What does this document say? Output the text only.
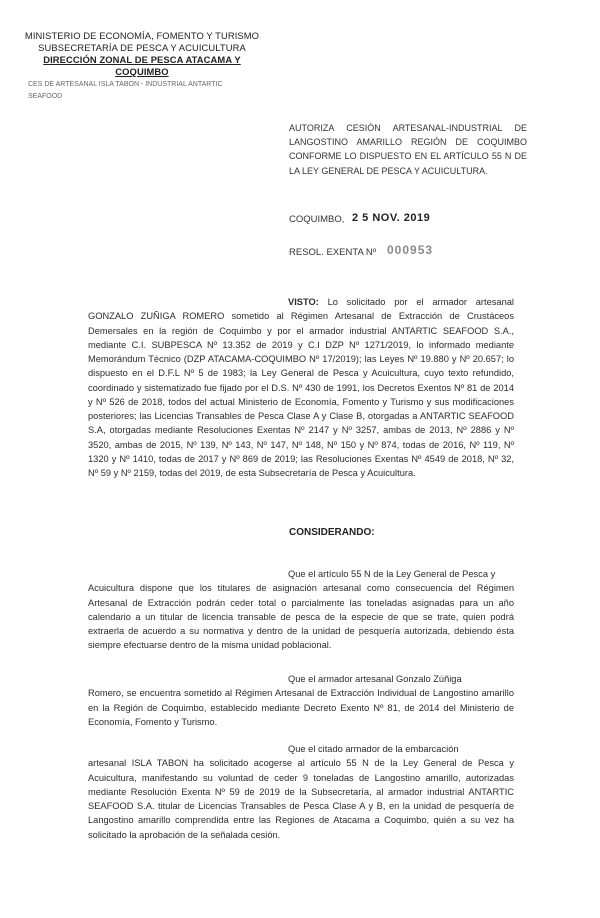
MINISTERIO DE ECONOMÍA, FOMENTO Y TURISMO
SUBSECRETARÍA DE PESCA Y ACUICULTURA
DIRECCIÓN ZONAL DE PESCA ATACAMA Y
COQUIMBO
CES DE ARTESANAL ISLA TABON - INDUSTRIAL ANTARTIC
SEAFOOD
AUTORIZA CESIÓN ARTESANAL-INDUSTRIAL DE LANGOSTINO AMARILLO REGIÓN DE COQUIMBO CONFORME LO DISPUESTO EN EL ARTÍCULO 55 N DE LA LEY GENERAL DE PESCA Y ACUICULTURA.
COQUIMBO, 2 5 NOV. 2019
RESOL. EXENTA Nº 000953
VISTO: Lo solicitado por el armador artesanal GONZALO ZUÑIGA ROMERO sometido al Régimen Artesanal de Extracción de Crustáceos Demersales en la región de Coquimbo y por el armador industrial ANTARTIC SEAFOOD S.A., mediante C.I. SUBPESCA Nº 13.352 de 2019 y C.I DZP Nº 1271/2019, lo informado mediante Memorándum Técnico (DZP ATACAMA-COQUIMBO Nº 17/2019); las Leyes Nº 19.880 y Nº 20.657; lo dispuesto en el D.F.L Nº 5 de 1983; la Ley General de Pesca y Acuicultura, cuyo texto refundido, coordinado y sistematizado fue fijado por el D.S. Nº 430 de 1991, los Decretos Exentos Nº 81 de 2014 y Nº 526 de 2018, todos del actual Ministerio de Economía, Fomento y Turismo y sus modificaciones posteriores; las Licencias Transables de Pesca Clase A y Clase B, otorgadas a ANTARTIC SEAFOOD S.A, otorgadas mediante Resoluciones Exentas Nº 2147 y Nº 3257, ambas de 2013, Nº 2886 y Nº 3520, ambas de 2015, Nº 139, Nº 143, Nº 147, Nº 148, Nº 150 y Nº 874, todas de 2016, Nº 119, Nº 1320 y Nº 1410, todas de 2017 y Nº 869 de 2019; las Resoluciones Exentas Nº 4549 de 2018, Nº 32, Nº 59 y Nº 2159, todas del 2019, de esta Subsecretaría de Pesca y Acuicultura.
CONSIDERANDO:
Que el artículo 55 N de la Ley General de Pesca y
Acuicultura dispone que los titulares de asignación artesanal como consecuencia del Régimen Artesanal de Extracción podrán ceder total o parcialmente las toneladas asignadas para un año calendario a un titular de licencia transable de pesca de la especie de que se trate, quien podrá extraerla de acuerdo a su normativa y dentro de la unidad de pesquería autorizada, debiendo ésta siempre efectuarse dentro de la misma unidad poblacional.
Que el armador artesanal Gonzalo Zúñiga
Romero, se encuentra sometido al Régimen Artesanal de Extracción Individual de Langostino amarillo en la Región de Coquimbo, establecido mediante Decreto Exento Nº 81, de 2014 del Ministerio de Economía, Fomento y Turismo.
Que el citado armador de la embarcación
artesanal ISLA TABON ha solicitado acogerse al artículo 55 N de la Ley General de Pesca y Acuicultura, manifestando su voluntad de ceder 9 toneladas de Langostino amarillo, autorizadas mediante Resolución Exenta Nº 59 de 2019 de la Subsecretaría, al armador industrial ANTARTIC SEAFOOD S.A. titular de Licencias Transables de Pesca Clase A y B, en la unidad de pesquería de Langostino amarillo comprendida entre las Regiones de Atacama a Coquimbo, quién a su vez ha solicitado la aprobación de la señalada cesión.
